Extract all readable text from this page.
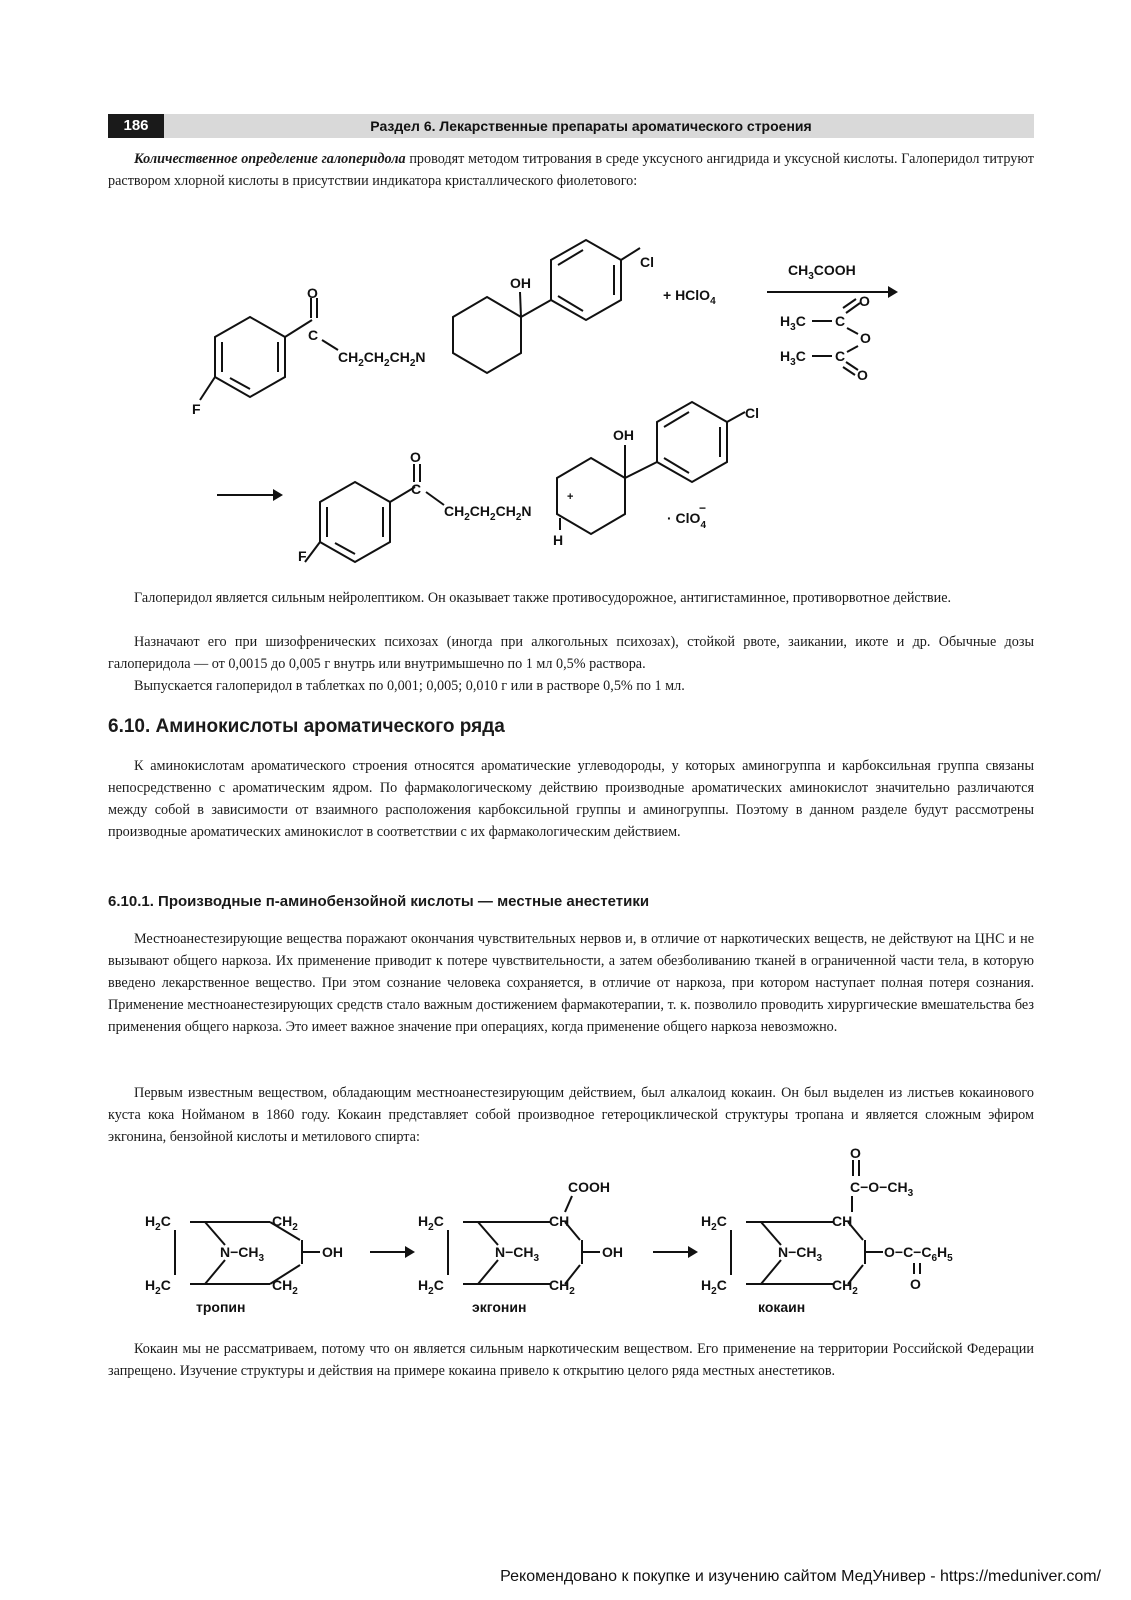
186	Раздел 6. Лекарственные препараты ароматического строения

Количественное определение галоперидола проводят методом титрования в среде уксусного ангидрида и уксусной кислоты. Галоперидол титруют раствором хлорной кислоты в присутствии индикатора кристаллического фиолетового:

F
O
C
$CH_2CH_2CH_2N$
OH
Cl
+ HClO$_4$
$CH_3COOH$
$H_3C$ C
O
O
$H_3C$ C
O
F
O
C
$CH_2CH_2CH_2N$
+
H
OH
Cl
· ClO$_4$−

Галоперидол является сильным нейролептиком. Он оказывает также противосудорожное, антигистаминное, противорвотное действие.

Назначают его при шизофренических психозах (иногда при алкогольных психозах), стойкой рвоте, заикании, икоте и др. Обычные дозы галоперидола — от 0,0015 до 0,005 г внутрь или внутримышечно по 1 мл 0,5% раствора.

Выпускается галоперидол в таблетках по 0,001; 0,005; 0,010 г или в растворе 0,5% по 1 мл.

6.10. Аминокислоты ароматического ряда

К аминокислотам ароматического строения относятся ароматические углеводороды, у которых аминогруппа и карбоксильная группа связаны непосредственно с ароматическим ядром. По фармакологическому действию производные ароматических аминокислот значительно различаются между собой в зависимости от взаимного расположения карбоксильной группы и аминогруппы. Поэтому в данном разделе будут рассмотрены производные ароматических аминокислот в соответствии с их фармакологическим действием.

6.10.1. Производные п-аминобензойной кислоты — местные анестетики

Местноанестезирующие вещества поражают окончания чувствительных нервов и, в отличие от наркотических веществ, не действуют на ЦНС и не вызывают общего наркоза. Их применение приводит к потере чувствительности, а затем обезболиванию тканей в ограниченной части тела, в которую введено лекарственное вещество. При этом сознание человека сохраняется, в отличие от наркоза, при котором наступает полная потеря сознания. Применение местноанестезирующих средств стало важным достижением фармакотерапии, т. к. позволило проводить хирургические вмешательства без применения общего наркоза. Это имеет важное значение при операциях, когда применение общего наркоза невозможно.

Первым известным веществом, обладающим местноанестезирующим действием, был алкалоид кокаин. Он был выделен из листьев кокаинового куста кока Нойманом в 1860 году. Кокаин представляет собой производное гетероциклической структуры тропана и является сложным эфиром экгонина, бензойной кислоты и метилового спирта:

$H_2C$
$H_2C$
$CH_2$
$CH_2$
$N-CH_3$	OH
тропин
COOH
$H_2C$
$H_2C$
CH
$CH_2$
$N-CH_3$	OH
экгонин
O
$C-O-CH_3$
$H_2C$
$H_2C$
CH
$CH_2$
$N-CH_3$	$O-C-C_6H_5$
O
кокаин

Кокаин мы не рассматриваем, потому что он является сильным наркотическим веществом. Его применение на территории Российской Федерации запрещено. Изучение структуры и действия на примере кокаина привело к открытию целого ряда местных анестетиков.

Рекомендовано к покупке и изучению сайтом МедУнивер - https://meduniver.com/
